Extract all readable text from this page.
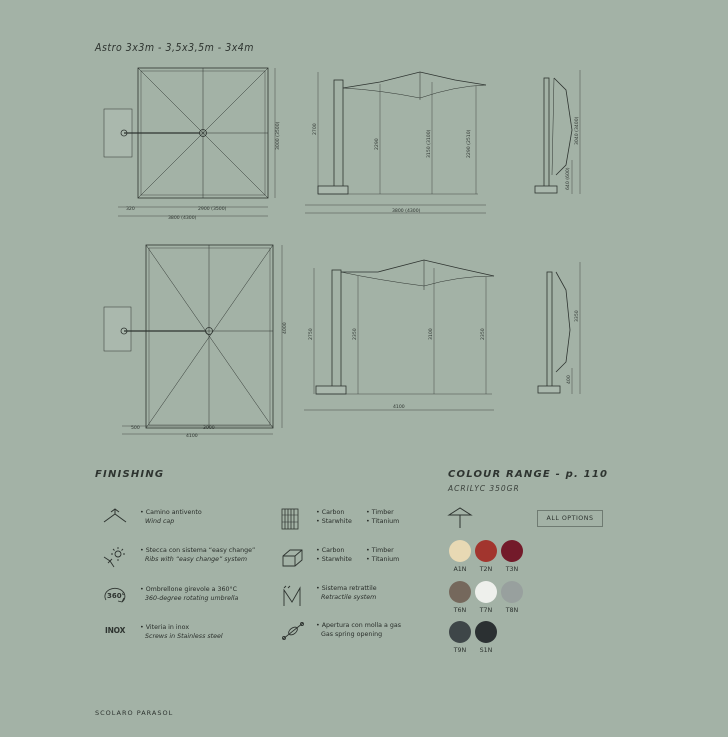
Astro 3x3m - 3,5x3,5m - 3x4m
320	2900 (3500)
3800 (4300)
3000 (3500)	2700
2290	3150 (3100)	2290 (2510)
3800 (4300)
3040 (3400)
640 (600)
500	3000
4100
4000
2750	2350	3100	2350
4100
3350
400
FINISHING
• Camino antivento
Wind cap
• Stecca con sistema “easy change”
Ribs with “easy change” system
360°
• Ombrellone girevole a 360°C
360-degree rotating umbrella
INOX • Viteria in inox
Screws in Stainless steel
• Carbon
• Starwhite
• Timber
• Titanium
• Carbon
• Starwhite
• Timber
• Titanium
• Sistema retrattile
Retractile system
• Apertura con molla a gas
Gas spring opening
COLOUR RANGE - p. 110
ACRILYC 350GR
ALL OPTIONS
A1N	T2N	T3N
T6N	T7N	T8N
T9N	S1N
SCOLARO PARASOL
